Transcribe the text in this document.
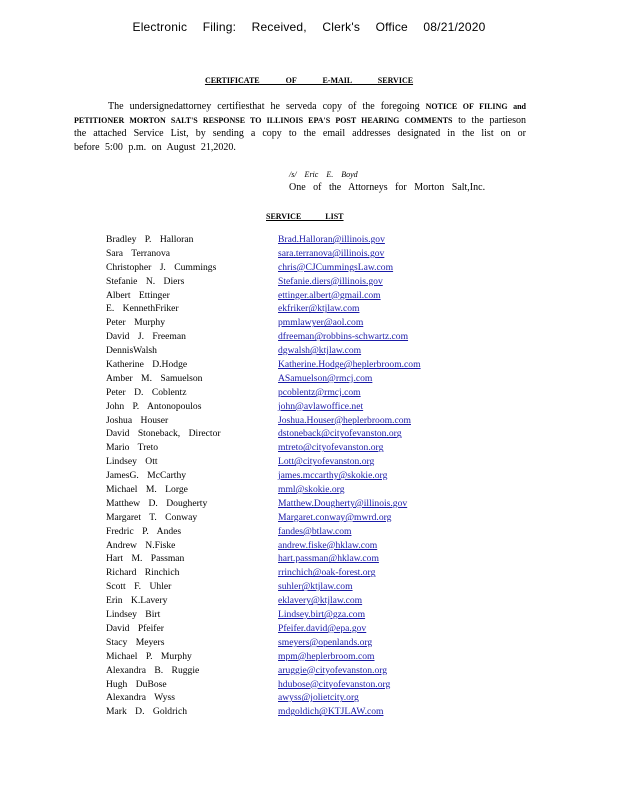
Electronic Filing: Received, Clerk's Office 08/21/2020
CERTIFICATE OF E-MAIL SERVICE
The undersignedattorney certifiesthat he serveda copy of the foregoing NOTICE OF FILING and PETITIONER MORTON SALT'S RESPONSE TO ILLINOIS EPA'S POST HEARING COMMENTS to the partieson the attached Service List, by sending a copy to the email addresses designated in the list on or before 5:00 p.m. on August 21,2020.
/s/ Eric E. Boyd
One of the Attorneys for Morton Salt,Inc.
SERVICE LIST
Bradley P. Halloran	Brad.Halloran@illinois.gov
Sara Terranova	sara.terranova@illinois.gov
Christopher J. Cummings	chris@CJCummingsLaw.com
Stefanie N. Diers	Stefanie.diers@illinois.gov
Albert Ettinger	ettinger.albert@gmail.com
E. KennethFriker	ekfriker@ktjlaw.com
Peter Murphy	pmmlawyer@aol.com
David J. Freeman	dfreeman@robbins-schwartz.com
DennisWalsh	dgwalsh@ktjlaw.com
Katherine D.Hodge	Katherine.Hodge@heplerbroom.com
Amber M. Samuelson	ASamuelson@rmcj.com
Peter D. Coblentz	pcoblentz@rmcj.com
John P. Antonopoulos	john@avlawoffice.net
Joshua Houser	Joshua.Houser@heplerbroom.com
David Stoneback, Director	dstoneback@cityofevanston.org
Mario Treto	mtreto@cityofevanston.org
Lindsey Ott	Lott@cityofevanston.org
JamesG. McCarthy	james.mccarthy@skokie.org
Michael M. Lorge	mml@skokie.org
Matthew D. Dougherty	Matthew.Dougherty@illinois.gov
Margaret T. Conway	Margaret.conway@mwrd.org
Fredric P. Andes	fandes@btlaw.com
Andrew N.Fiske	andrew.fiske@hklaw.com
Hart M. Passman	hart.passman@hklaw.com
Richard Rinchich	rrinchich@oak-forest.org
Scott F. Uhler	suhler@ktjlaw.com
Erin K.Lavery	eklavery@ktjlaw.com
Lindsey Birt	Lindsey.birt@gza.com
David Pfeifer	Pfeifer.david@epa.gov
Stacy Meyers	smeyers@openlands.org
Michael P. Murphy	mpm@heplerbroom.com
Alexandra B. Ruggie	aruggie@cityofevanston.org
Hugh DuBose	hdubose@cityofevanston.org
Alexandra Wyss	awyss@jolietcity.org
Mark D. Goldrich	mdgoldich@KTJLAW.com
